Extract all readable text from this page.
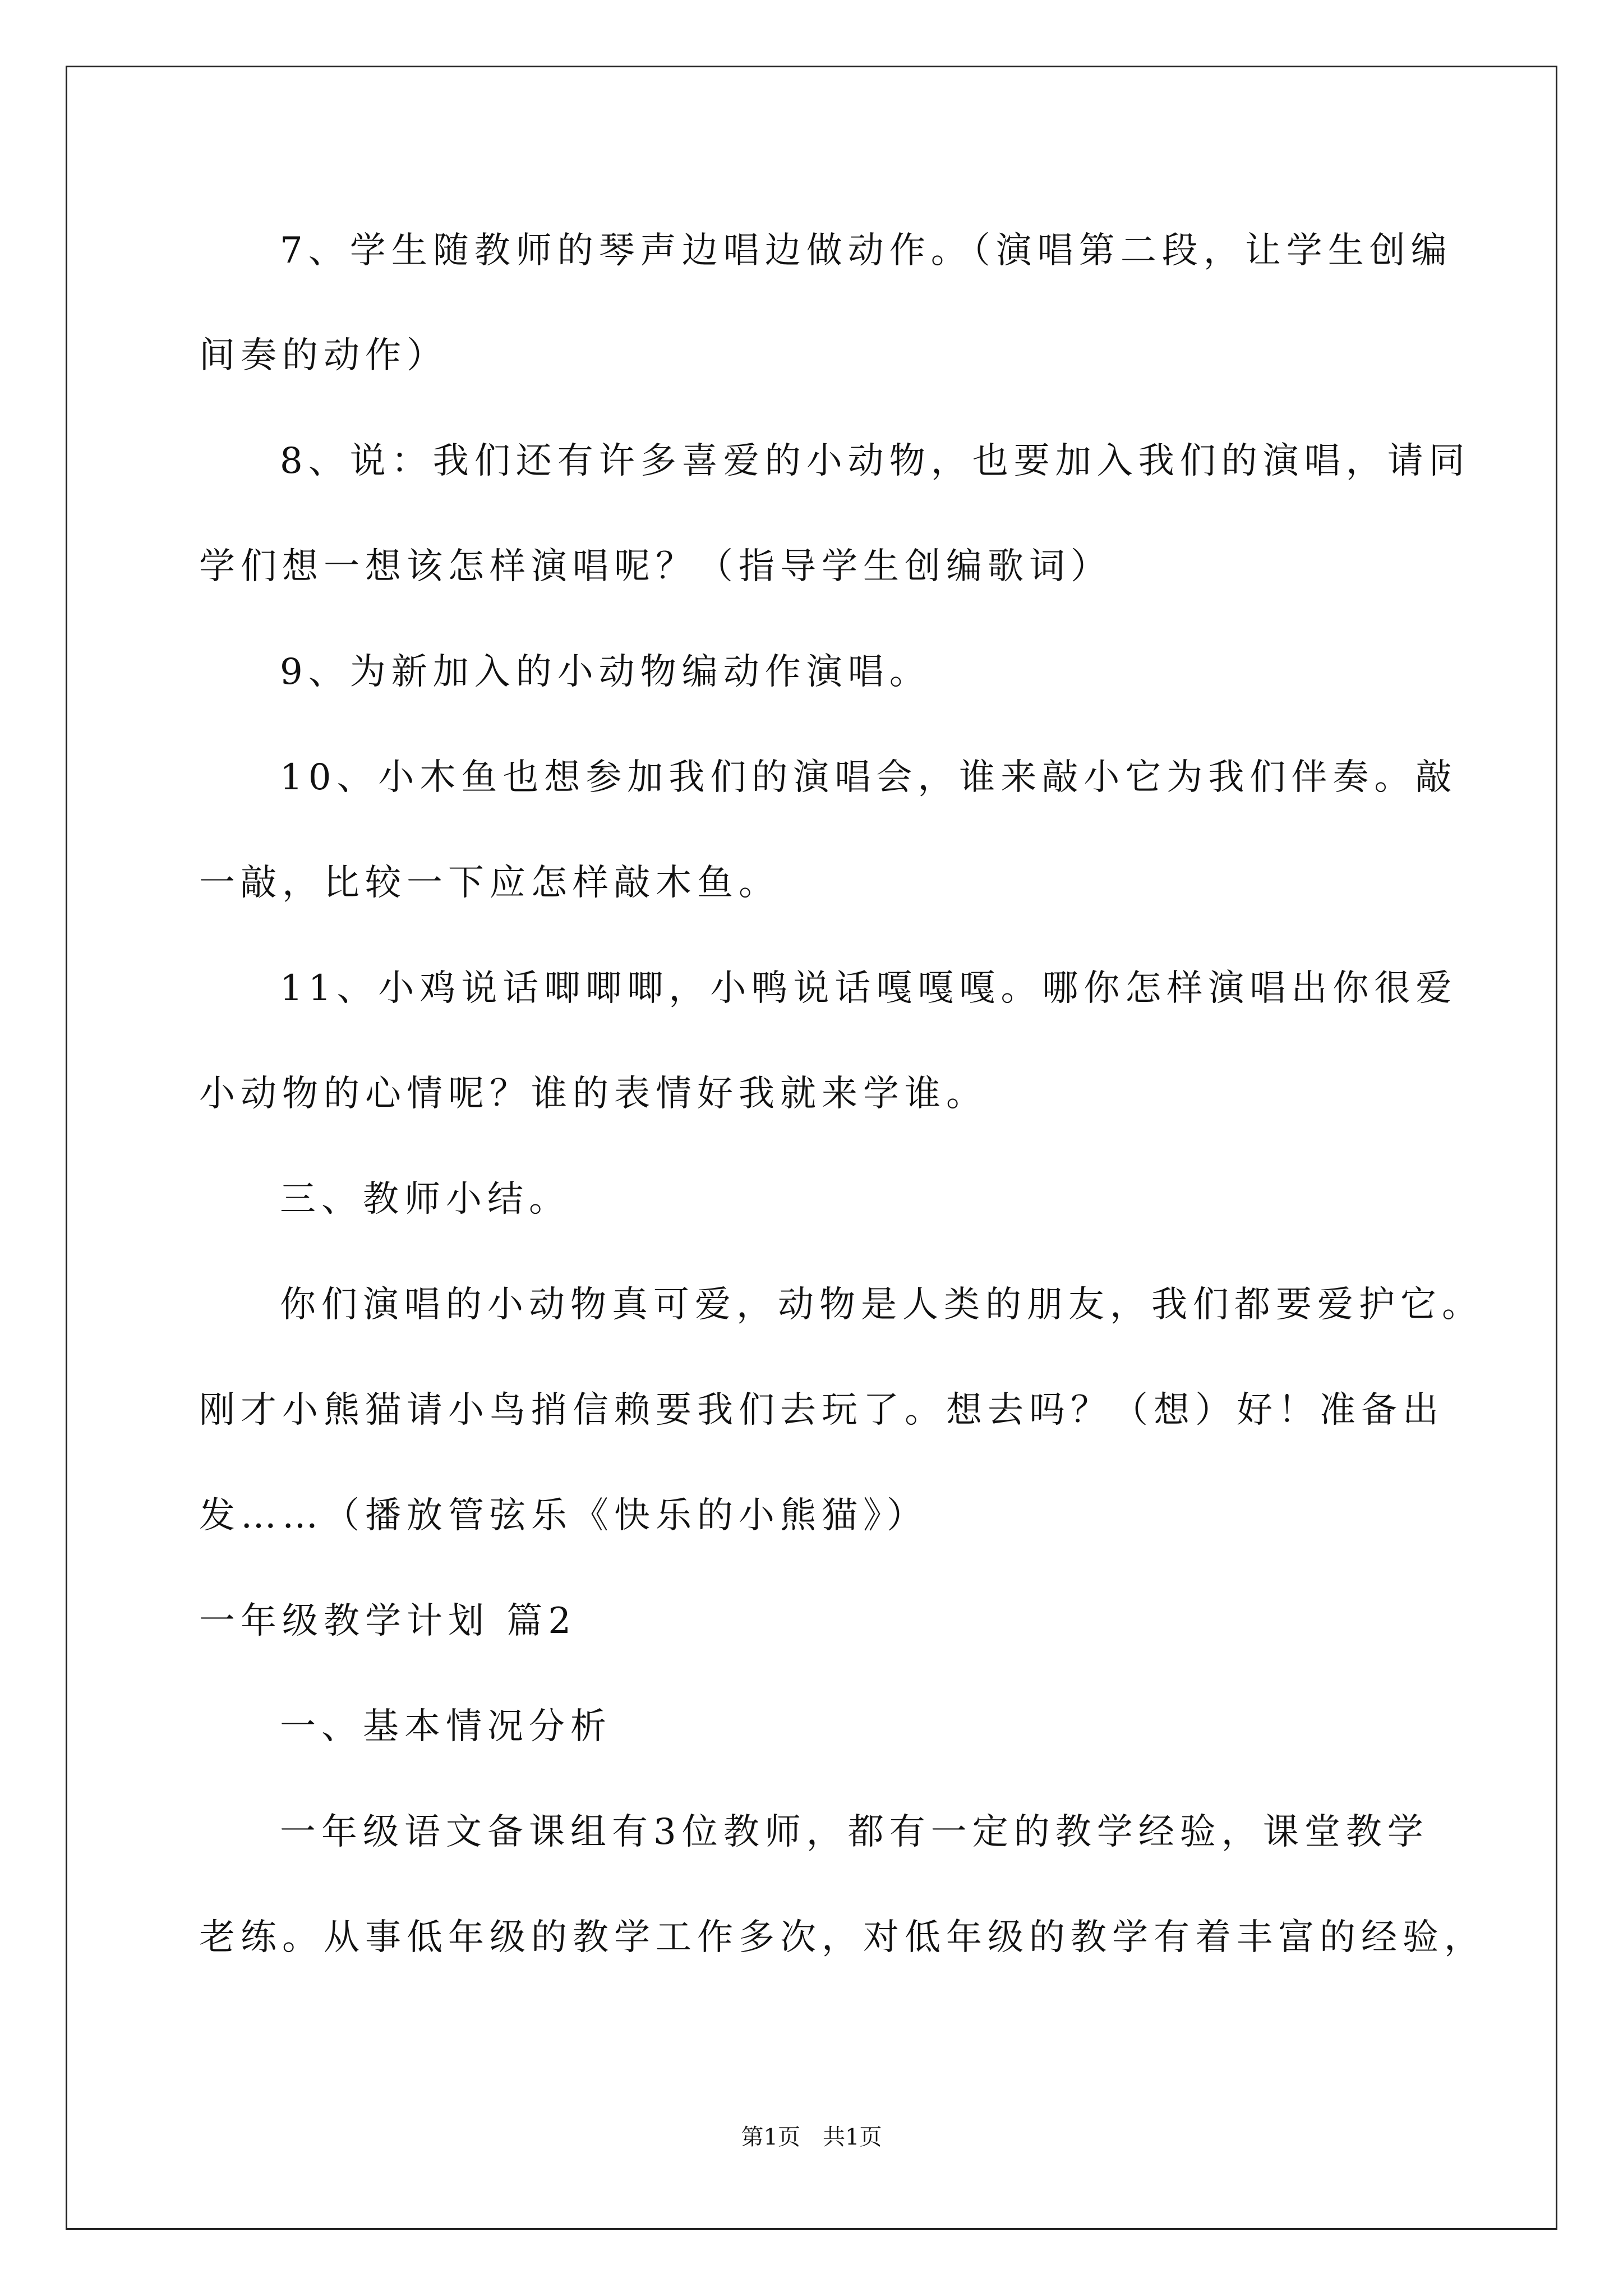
7、学生随教师的琴声边唱边做动作。（演唱第二段，让学生创编
间奏的动作）
8、说：我们还有许多喜爱的小动物，也要加入我们的演唱，请同
学们想一想该怎样演唱呢？（指导学生创编歌词）
9、为新加入的小动物编动作演唱。
10、小木鱼也想参加我们的演唱会，谁来敲小它为我们伴奏。敲
一敲，比较一下应怎样敲木鱼。
11、小鸡说话唧唧唧，小鸭说话嘎嘎嘎。哪你怎样演唱出你很爱
小动物的心情呢？谁的表情好我就来学谁。
三、教师小结。
你们演唱的小动物真可爱，动物是人类的朋友，我们都要爱护它。
刚才小熊猫请小鸟捎信赖要我们去玩了。想去吗？（想）好！准备出
发……（播放管弦乐《快乐的小熊猫》）
一年级教学计划 篇2
一、基本情况分析
一年级语文备课组有3位教师，都有一定的教学经验，课堂教学
老练。从事低年级的教学工作多次，对低年级的教学有着丰富的经验，
第1页　共1页
